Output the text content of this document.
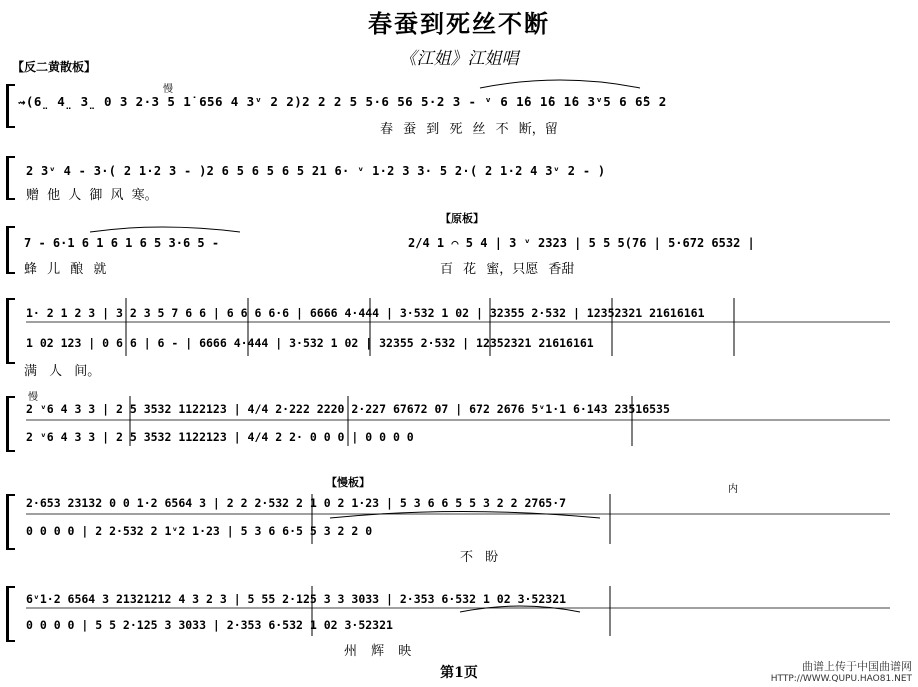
春蚕到死丝不断
《江姐》江姐唱
【反二黄散板】
慢
⇝(6̤ 4̤ 3̤ 0 3 2·3 5 1̇ 656 4 3ᵛ 2 2)2 2 2 5 5·6 56 5·2 3 - ᵛ 6 1̇6 1̇6 1̇6 3ᵛ5 6 6̂5 2
春 蚕 到 死 丝 不 断，留
2 3ᵛ 4 - 3·( 2 1·2 3 - )2 6 5 6 5 6 5 21 6· ᵛ 1·2 3 3· 5 2·( 2 1·2 4 3ᵛ 2 - )
赠 他 人 御 风 寒。
【原板】
7 - 6·1 6 1 6 1 6 5 3·6 5 -	2/4 1 ⌒ 5 4 | 3 ᵛ 2323 | 5 5 5(76 | 5·672 6532 |
蜂 儿 酿 就	百 花 蜜，只愿 香甜
1· 2 1 2 3 | 3 2 3 5 7 6 6 | 6 6 6 6·6 | 6666 4·444 | 3·532 1 02 | 32355 2·532 | 12352321 21616161
1 02 123 | 0 6 6 | 6 - | 6666 4·444 | 3·532 1 02 | 32355 2·532 | 12352321 21616161
满 人 间。
慢
2 ᵛ6 4 3 3 | 2 5 3532 1122123 | 4/4 2·222 2220 2·227 67672 07 | 672 2676 5ᵛ1·1 6·143 23516535
2 ᵛ6 4 3 3 | 2 5 3532 1122123 | 4/4 2 2· 0 0 0 | 0 0 0 0
【慢板】
内
2·653 23132 0 0 1·2 6564 3 | 2 2 2·532 2 1 0 2 1·23 | 5 3 6 6 5 5 3 2 2 2765·7
0 0 0 0 | 2 2·532 2 1ᵛ2 1·23 | 5 3 6 6·5 5 3 2 2 0
不 盼
6ᵛ1·2 6564 3 21321212 4 3 2 3 | 5 55 2·125 3 3 3033 | 2·353 6·532 1 02 3·52321
0 0 0 0 | 5 5 2·125 3 3033 | 2·353 6·532 1 02 3·52321
州 辉 映
第1页	曲谱上传于中国曲谱网
HTTP://WWW.QUPU.HAO81.NET
